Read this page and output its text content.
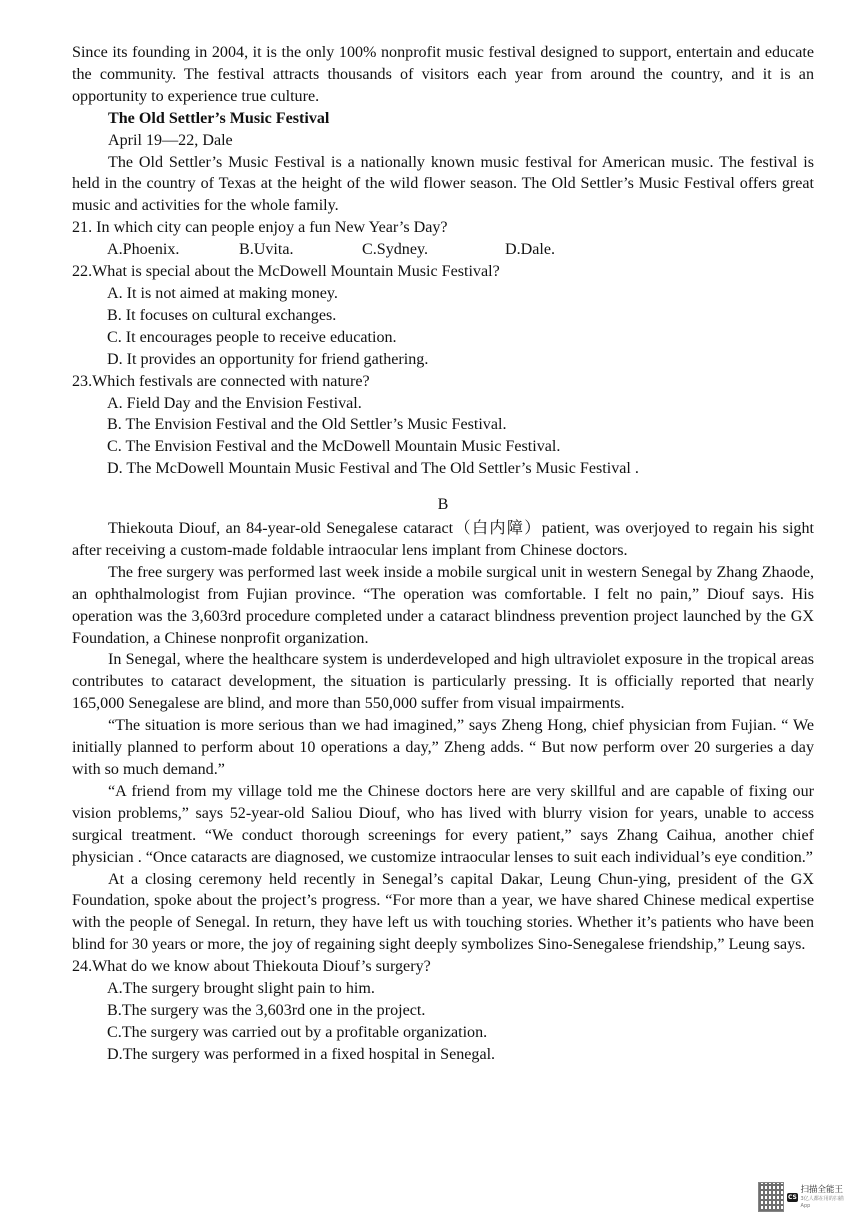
Since its founding in 2004, it is the only 100% nonprofit music festival designed to support, entertain and educate the community. The festival attracts thousands of visitors each year from around the country, and it is an opportunity to experience true culture.

The Old Settler’s Music Festival

April 19—22, Dale

The Old Settler’s Music Festival is a nationally known music festival for American music. The festival is held in the country of Texas at the height of the wild flower season. The Old Settler’s Music Festival offers great music and activities for the whole family.

21. In which city can people enjoy a fun New Year’s Day?

A.Phoenix.	B.Uvita.	C.Sydney.	D.Dale.

22.What is special about the McDowell Mountain Music Festival?

A. It is not aimed at making money.

B. It focuses on cultural exchanges.

C. It encourages people to receive education.

D. It provides an opportunity for friend gathering.

23.Which festivals are connected with nature?

A. Field Day and the Envision Festival.

B. The Envision Festival and the Old Settler’s Music Festival.

C. The Envision Festival and the McDowell Mountain Music Festival.

D. The McDowell Mountain Music Festival and The Old Settler’s Music Festival .

B

Thiekouta Diouf, an 84-year-old Senegalese cataract（白内障）patient, was overjoyed to regain his sight after receiving a custom-made foldable intraocular lens implant from Chinese doctors.

The free surgery was performed last week inside a mobile surgical unit in western Senegal by Zhang Zhaode, an ophthalmologist from Fujian province. “The operation was comfortable. I felt no pain,” Diouf says. His operation was the 3,603rd procedure completed under a cataract blindness prevention project launched by the GX Foundation, a Chinese nonprofit organization.

In Senegal, where the healthcare system is underdeveloped and high ultraviolet exposure in the tropical areas contributes to cataract development, the situation is particularly pressing. It is officially reported that nearly 165,000 Senegalese are blind, and more than 550,000 suffer from visual impairments.

“The situation is more serious than we had imagined,” says Zheng Hong, chief physician from Fujian. “ We initially planned to perform about 10 operations a day,” Zheng adds. “ But now perform over 20 surgeries a day with so much demand.”

“A friend from my village told me the Chinese doctors here are very skillful and are capable of fixing our vision problems,” says 52-year-old Saliou Diouf, who has lived with blurry vision for years, unable to access surgical treatment. “We conduct thorough screenings for every patient,” says Zhang Caihua, another chief physician . “Once cataracts are diagnosed, we customize intraocular lenses to suit each individual’s eye condition.”

At a closing ceremony held recently in Senegal’s capital Dakar, Leung Chun-ying, president of the GX Foundation, spoke about the project’s progress. “For more than a year, we have shared Chinese medical expertise with the people of Senegal. In return, they have left us with touching stories. Whether it’s patients who have been blind for 30 years or more, the joy of regaining sight deeply symbolizes Sino-Senegalese friendship,” Leung says.

24.What do we know about Thiekouta Diouf’s surgery?

A.The surgery brought slight pain to him.

B.The surgery was the 3,603rd one in the project.

C.The surgery was carried out by a profitable organization.

D.The surgery was performed in a fixed hospital in Senegal.

CS
扫描全能王
3亿人都在用的扫描App
